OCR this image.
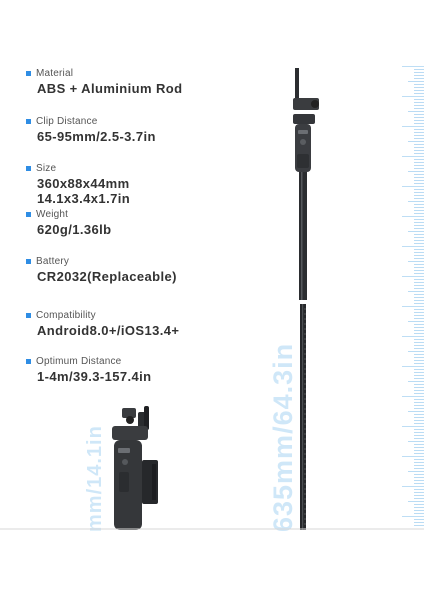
Material
ABS + Aluminium Rod
Clip Distance
65-95mm/2.5-3.7in
Size
360x88x44mm
14.1x3.4x1.7in
Weight
620g/1.36lb
Battery
CR2032(Replaceable)
Compatibility
Android8.0+/iOS13.4+
Optimum Distance
1-4m/39.3-157.4in	635mm/64.3in
mm/14.1in
